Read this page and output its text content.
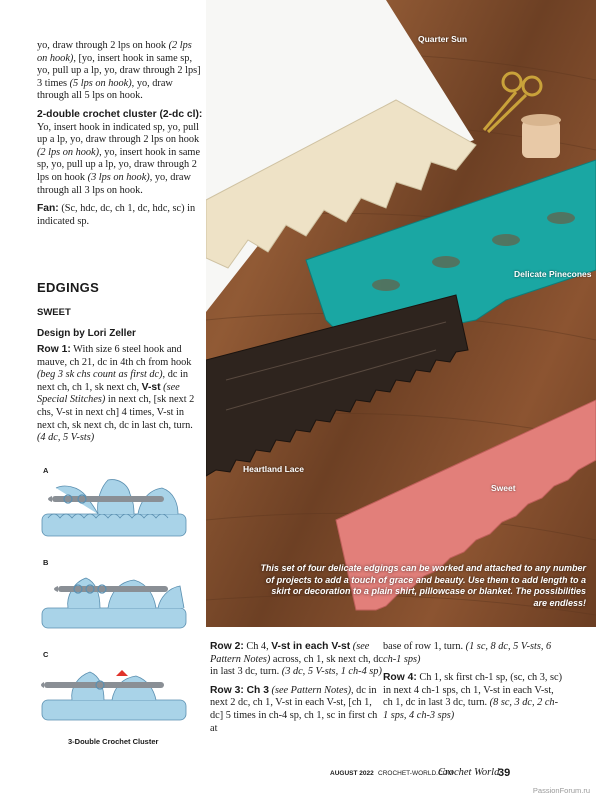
yo, draw through 2 lps on hook (2 lps on hook), [yo, insert hook in same sp, yo, pull up a lp, yo, draw through 2 lps] 3 times (5 lps on hook), yo, draw through all 5 lps on hook.

2-double crochet cluster (2-dc cl): Yo, insert hook in indicated sp, yo, pull up a lp, yo, draw through 2 lps on hook (2 lps on hook), yo, insert hook in same sp, yo, pull up a lp, yo, draw through 2 lps on hook (3 lps on hook), yo, draw through all 3 lps on hook.

Fan: (Sc, hdc, dc, ch 1, dc, hdc, sc) in indicated sp.

EDGINGS
SWEET
Design by Lori Zeller
Row 1: With size 6 steel hook and mauve, ch 21, dc in 4th ch from hook (beg 3 sk chs count as first dc), dc in next ch, ch 1, sk next ch, V-st (see Special Stitches) in next ch, [sk next 2 chs, V-st in next ch] 4 times, V-st in next ch, sk next ch, dc in last ch, turn. (4 dc, 5 V-sts)
A
B
C
3-Double Crochet Cluster
Quarter Sun
Delicate Pinecones
Heartland Lace
Sweet
This set of four delicate edgings can be worked and attached to any number of projects to add a touch of grace and beauty. Use them to add length to a skirt or decoration to a plain shirt, pillowcase or blanket. The possibilities are endless!

Row 2: Ch 4, V-st in each V-st (see Pattern Notes) across, ch 1, sk next ch, dc in last 3 dc, turn. (3 dc, 5 V-sts, 1 ch-4 sp)

Row 3: Ch 3 (see Pattern Notes), dc in next 2 dc, ch 1, V-st in each V-st, [ch 1, dc] 5 times in ch-4 sp, ch 1, sc in first ch at

base of row 1, turn. (1 sc, 8 dc, 5 V-sts, 6 ch-1 sps)

Row 4: Ch 1, sk first ch-1 sp, (sc, ch 3, sc) in next 4 ch-1 sps, ch 1, V-st in each V-st, ch 1, dc in last 3 dc, turn. (8 sc, 3 dc, 2 ch-1 sps, 4 ch-3 sps)

AUGUST 2022 CROCHET-WORLD.COM
Crochet World
39
PassionForum.ru
